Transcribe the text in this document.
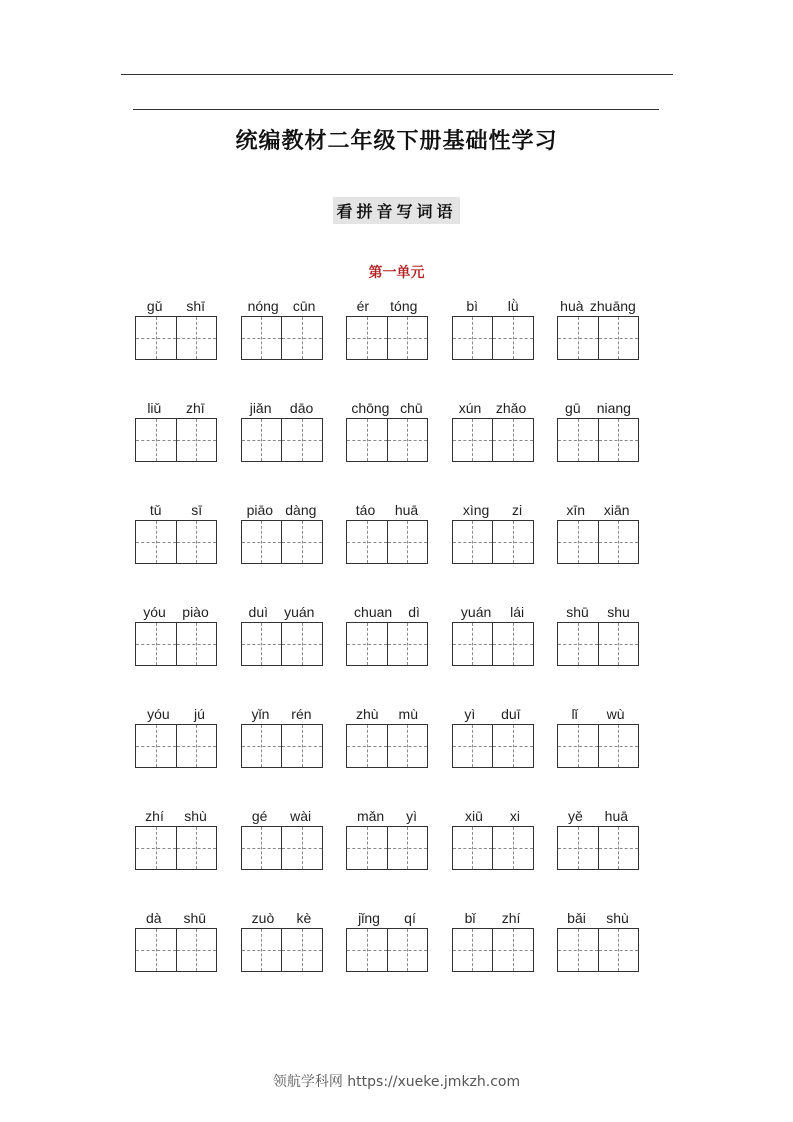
统编教材二年级下册基础性学习
看拼音写词语
第一单元
gǔ shī	nóng cūn	ér tóng	bì lǜ	huà zhuāng
liǔ zhī	jiǎn dāo	chōng chū	xún zhǎo	gū niang
tǔ sī	piāo dàng	táo huā	xìng zi	xīn xiān
yóu piào	duì yuán	chuan dì	yuán lái	shū shu
yóu jú	yǐn rén	zhù mù	yì duī	lǐ wù
zhí shù	gé wài	mǎn yì	xiū xi	yě huā
dà shū	zuò kè	jǐng qí	bǐ zhí	bǎi shù
领航学科网 https://xueke.jmkzh.com
